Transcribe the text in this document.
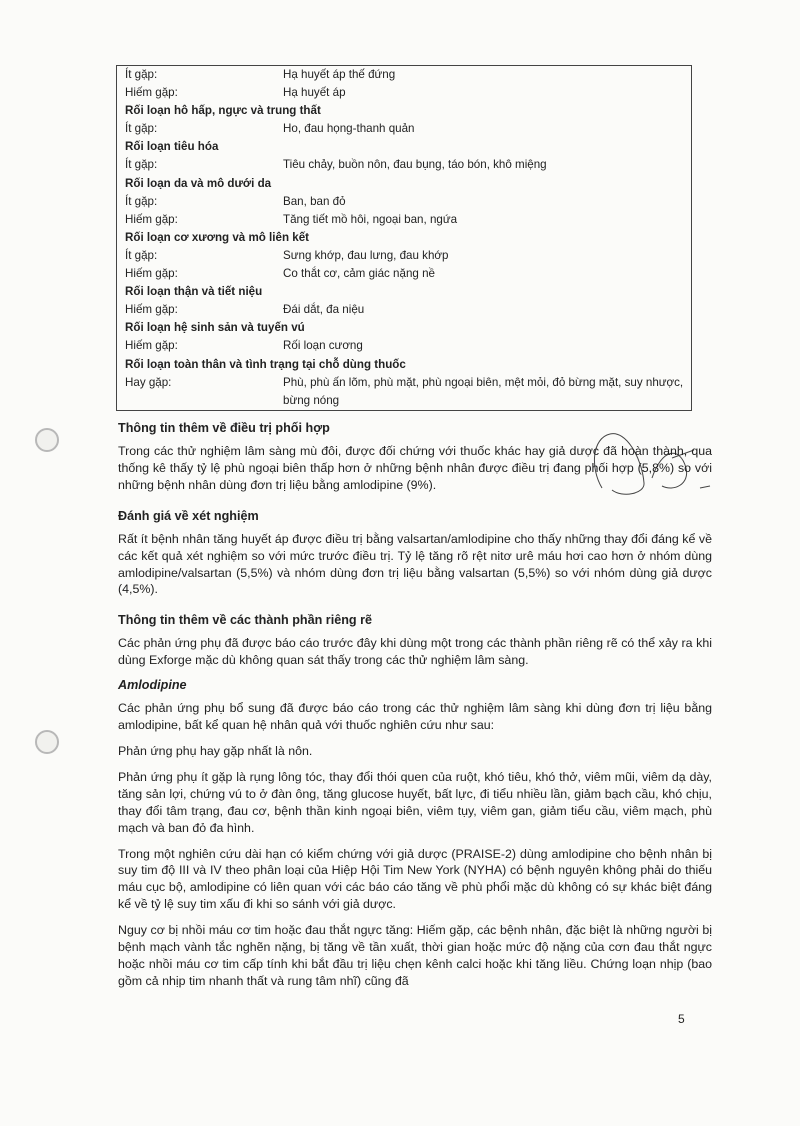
Ít gặp:	Hạ huyết áp thế đứng
Hiếm gặp:	Hạ huyết áp
Rối loạn hô hấp, ngực và trung thất	
Ít gặp:	Ho, đau họng-thanh quản
Rối loạn tiêu hóa	
Ít gặp:	Tiêu chảy, buồn nôn, đau bụng, táo bón, khô miệng
Rối loạn da và mô dưới da	
Ít gặp:	Ban, ban đỏ
Hiếm gặp:	Tăng tiết mồ hôi, ngoại ban, ngứa
Rối loạn cơ xương và mô liên kết	
Ít gặp:	Sưng khớp, đau lưng, đau khớp
Hiếm gặp:	Co thắt cơ, cảm giác nặng nề
Rối loạn thận và tiết niệu	
Hiếm gặp:	Đái dắt, đa niệu
Rối loạn hệ sinh sản và tuyến vú	
Hiếm gặp:	Rối loạn cương
Rối loạn toàn thân và tình trạng tại chỗ dùng thuốc	
Hay gặp:	Phù, phù ấn lõm, phù mặt, phù ngoại biên, mệt mỏi, đỏ bừng mặt, suy nhược, bừng nóng
Thông tin thêm về điều trị phối hợp

Trong các thử nghiệm lâm sàng mù đôi, được đối chứng với thuốc khác hay giả dược đã hoàn thành, qua thống kê thấy tỷ lệ phù ngoại biên thấp hơn ở những bệnh nhân được điều trị đang phối hợp (5,8%) so với những bệnh nhân dùng đơn trị liệu bằng amlodipine (9%).

Đánh giá về xét nghiệm

Rất ít bệnh nhân tăng huyết áp được điều trị bằng valsartan/amlodipine cho thấy những thay đổi đáng kể về các kết quả xét nghiệm so với mức trước điều trị. Tỷ lệ tăng rõ rệt nitơ urê máu hơi cao hơn ở nhóm dùng amlodipine/valsartan (5,5%) và nhóm dùng đơn trị liệu bằng valsartan (5,5%) so với nhóm dùng giả dược (4,5%).

Thông tin thêm về các thành phần riêng rẽ

Các phản ứng phụ đã được báo cáo trước đây khi dùng một trong các thành phần riêng rẽ có thể xảy ra khi dùng Exforge mặc dù không quan sát thấy trong các thử nghiệm lâm sàng.

Amlodipine

Các phản ứng phụ bổ sung đã được báo cáo trong các thử nghiệm lâm sàng khi dùng đơn trị liệu bằng amlodipine, bất kể quan hệ nhân quả với thuốc nghiên cứu như sau:

Phản ứng phụ hay gặp nhất là nôn.

Phản ứng phụ ít gặp là rụng lông tóc, thay đổi thói quen của ruột, khó tiêu, khó thở, viêm mũi, viêm dạ dày, tăng sản lợi, chứng vú to ở đàn ông, tăng glucose huyết, bất lực, đi tiểu nhiều lần, giảm bạch cầu, khó chịu, thay đổi tâm trạng, đau cơ, bệnh thần kinh ngoại biên, viêm tụy, viêm gan, giảm tiểu cầu, viêm mạch, phù mạch và ban đỏ đa hình.

Trong một nghiên cứu dài hạn có kiểm chứng với giả dược (PRAISE-2) dùng amlodipine cho bệnh nhân bị suy tim độ III và IV theo phân loại của Hiệp Hội Tim New York (NYHA) có bệnh nguyên không phải do thiếu máu cục bộ, amlodipine có liên quan với các báo cáo tăng về phù phổi mặc dù không có sự khác biệt đáng kể về tỷ lệ suy tim xấu đi khi so sánh với giả dược.

Nguy cơ bị nhồi máu cơ tim hoặc đau thắt ngực tăng: Hiếm gặp, các bệnh nhân, đặc biệt là những người bị bệnh mạch vành tắc nghẽn nặng, bị tăng về tần xuất, thời gian hoặc mức độ nặng của cơn đau thắt ngực hoặc nhồi máu cơ tim cấp tính khi bắt đầu trị liệu chẹn kênh calci hoặc khi tăng liều. Chứng loạn nhịp (bao gồm cả nhịp tim nhanh thất và rung tâm nhĩ) cũng đã

5
